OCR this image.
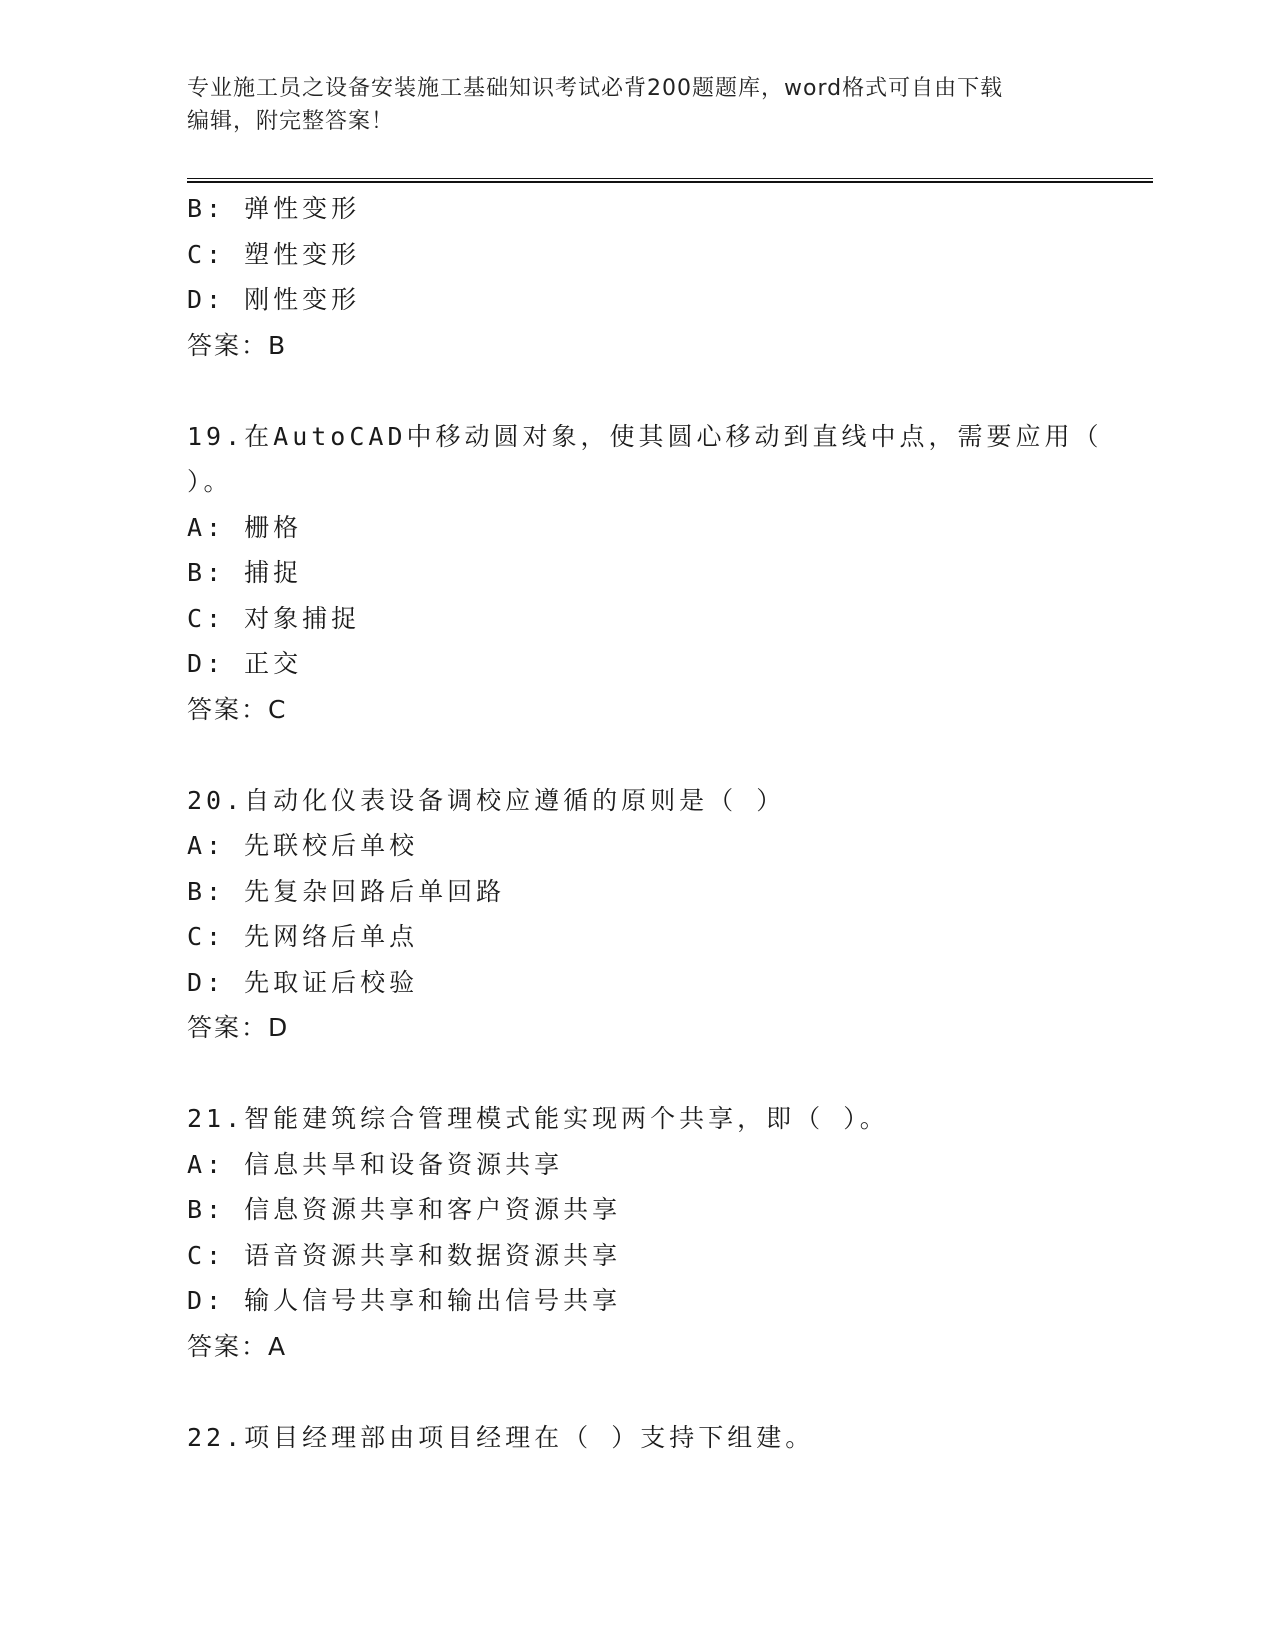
专业施工员之设备安装施工基础知识考试必背200题题库，word格式可自由下载
编辑，附完整答案！
B: 弹性变形
C: 塑性变形
D: 刚性变形
答案：B
19.在AutoCAD中移动圆对象，使其圆心移动到直线中点，需要应用（
）。
A: 栅格
B: 捕捉
C: 对象捕捉
D: 正交
答案：C
20.自动化仪表设备调校应遵循的原则是（ ）
A: 先联校后单校
B: 先复杂回路后单回路
C: 先网络后单点
D: 先取证后校验
答案：D
21.智能建筑综合管理模式能实现两个共享，即（ ）。
A: 信息共旱和设备资源共享
B: 信息资源共享和客户资源共享
C: 语音资源共享和数据资源共享
D: 输人信号共享和输出信号共享
答案：A
22.项目经理部由项目经理在（ ）支持下组建。
